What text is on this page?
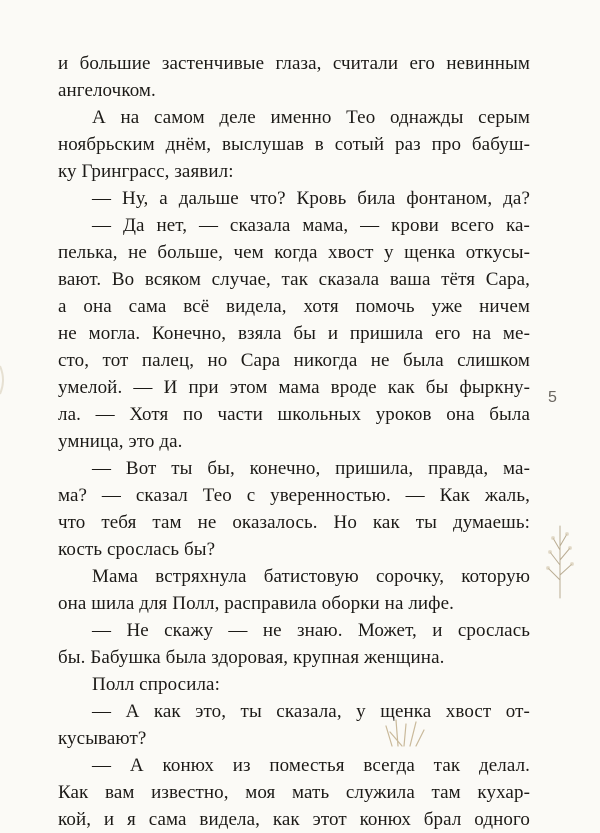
и большие застенчивые глаза, считали его невинным
ангелочком.
А на самом деле именно Тео однажды серым
ноябрьским днём, выслушав в сотый раз про бабуш-
ку Гринграсс, заявил:
— Ну, а дальше что? Кровь била фонтаном, да?
— Да нет, — сказала мама, — крови всего ка-
пелька, не больше, чем когда хвост у щенка откусы-
вают. Во всяком случае, так сказала ваша тётя Сара,
а она сама всё видела, хотя помочь уже ничем
не могла. Конечно, взяла бы и пришила его на ме-
сто, тот палец, но Сара никогда не была слишком
умелой. — И при этом мама вроде как бы фыркну-
ла. — Хотя по части школьных уроков она была
умница, это да.
— Вот ты бы, конечно, пришила, правда, ма-
ма? — сказал Тео с уверенностью. — Как жаль,
что тебя там не оказалось. Но как ты думаешь:
кость срослась бы?
Мама встряхнула батистовую сорочку, которую
она шила для Полл, расправила оборки на лифе.
— Не скажу — не знаю. Может, и срослась
бы. Бабушка была здоровая, крупная женщина.
Полл спросила:
— А как это, ты сказала, у щенка хвост от-
кусывают?
— А конюх из поместья всегда так делал.
Как вам известно, моя мать служила там кухар-
кой, и я сама видела, как этот конюх брал одного
5
